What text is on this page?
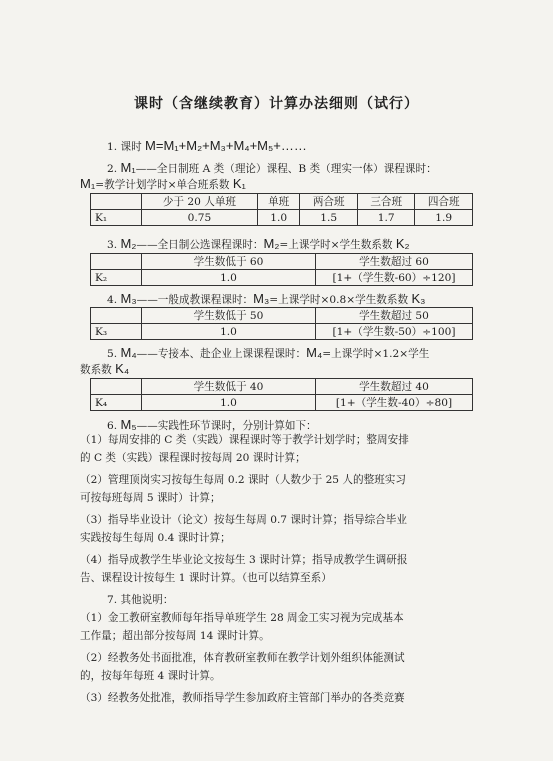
课时（含继续教育）计算办法细则（试行）
1. 课时 M=M₁+M₂+M₃+M₄+M₅+……
2. M₁——全日制班 A 类（理论）课程、B 类（理实一体）课程课时：
M₁=教学计划学时×单合班系数 K₁
	少于 20 人单班	单班	两合班	三合班	四合班
K₁	0.75	1.0	1.5	1.7	1.9
3. M₂——全日制公选课程课时：M₂=上课学时×学生数系数 K₂
	学生数低于 60	学生数超过 60
K₂	1.0	[1+（学生数-60）÷120]
4. M₃——一般成教课程课时：M₃=上课学时×0.8×学生数系数 K₃
	学生数低于 50	学生数超过 50
K₃	1.0	[1+（学生数-50）÷100]
5. M₄——专接本、赴企业上课课程课时：M₄=上课学时×1.2×学生
数系数 K₄
	学生数低于 40	学生数超过 40
K₄	1.0	[1+（学生数-40）÷80]
6. M₅——实践性环节课时，分别计算如下：
（1）每周安排的 C 类（实践）课程课时等于教学计划学时；整周安排
的 C 类（实践）课程课时按每周 20 课时计算；
（2）管理顶岗实习按每生每周 0.2 课时（人数少于 25 人的整班实习
可按每班每周 5 课时）计算；
（3）指导毕业设计（论文）按每生每周 0.7 课时计算；指导综合毕业
实践按每生每周 0.4 课时计算；
（4）指导成教学生毕业论文按每生 3 课时计算；指导成教学生调研报
告、课程设计按每生 1 课时计算。（也可以结算至系）
7. 其他说明：
（1）金工教研室教师每年指导单班学生 28 周金工实习视为完成基本
工作量；超出部分按每周 14 课时计算。
（2）经教务处书面批准，体育教研室教师在教学计划外组织体能测试
的，按每年每班 4 课时计算。
（3）经教务处批准，教师指导学生参加政府主管部门举办的各类竞赛
